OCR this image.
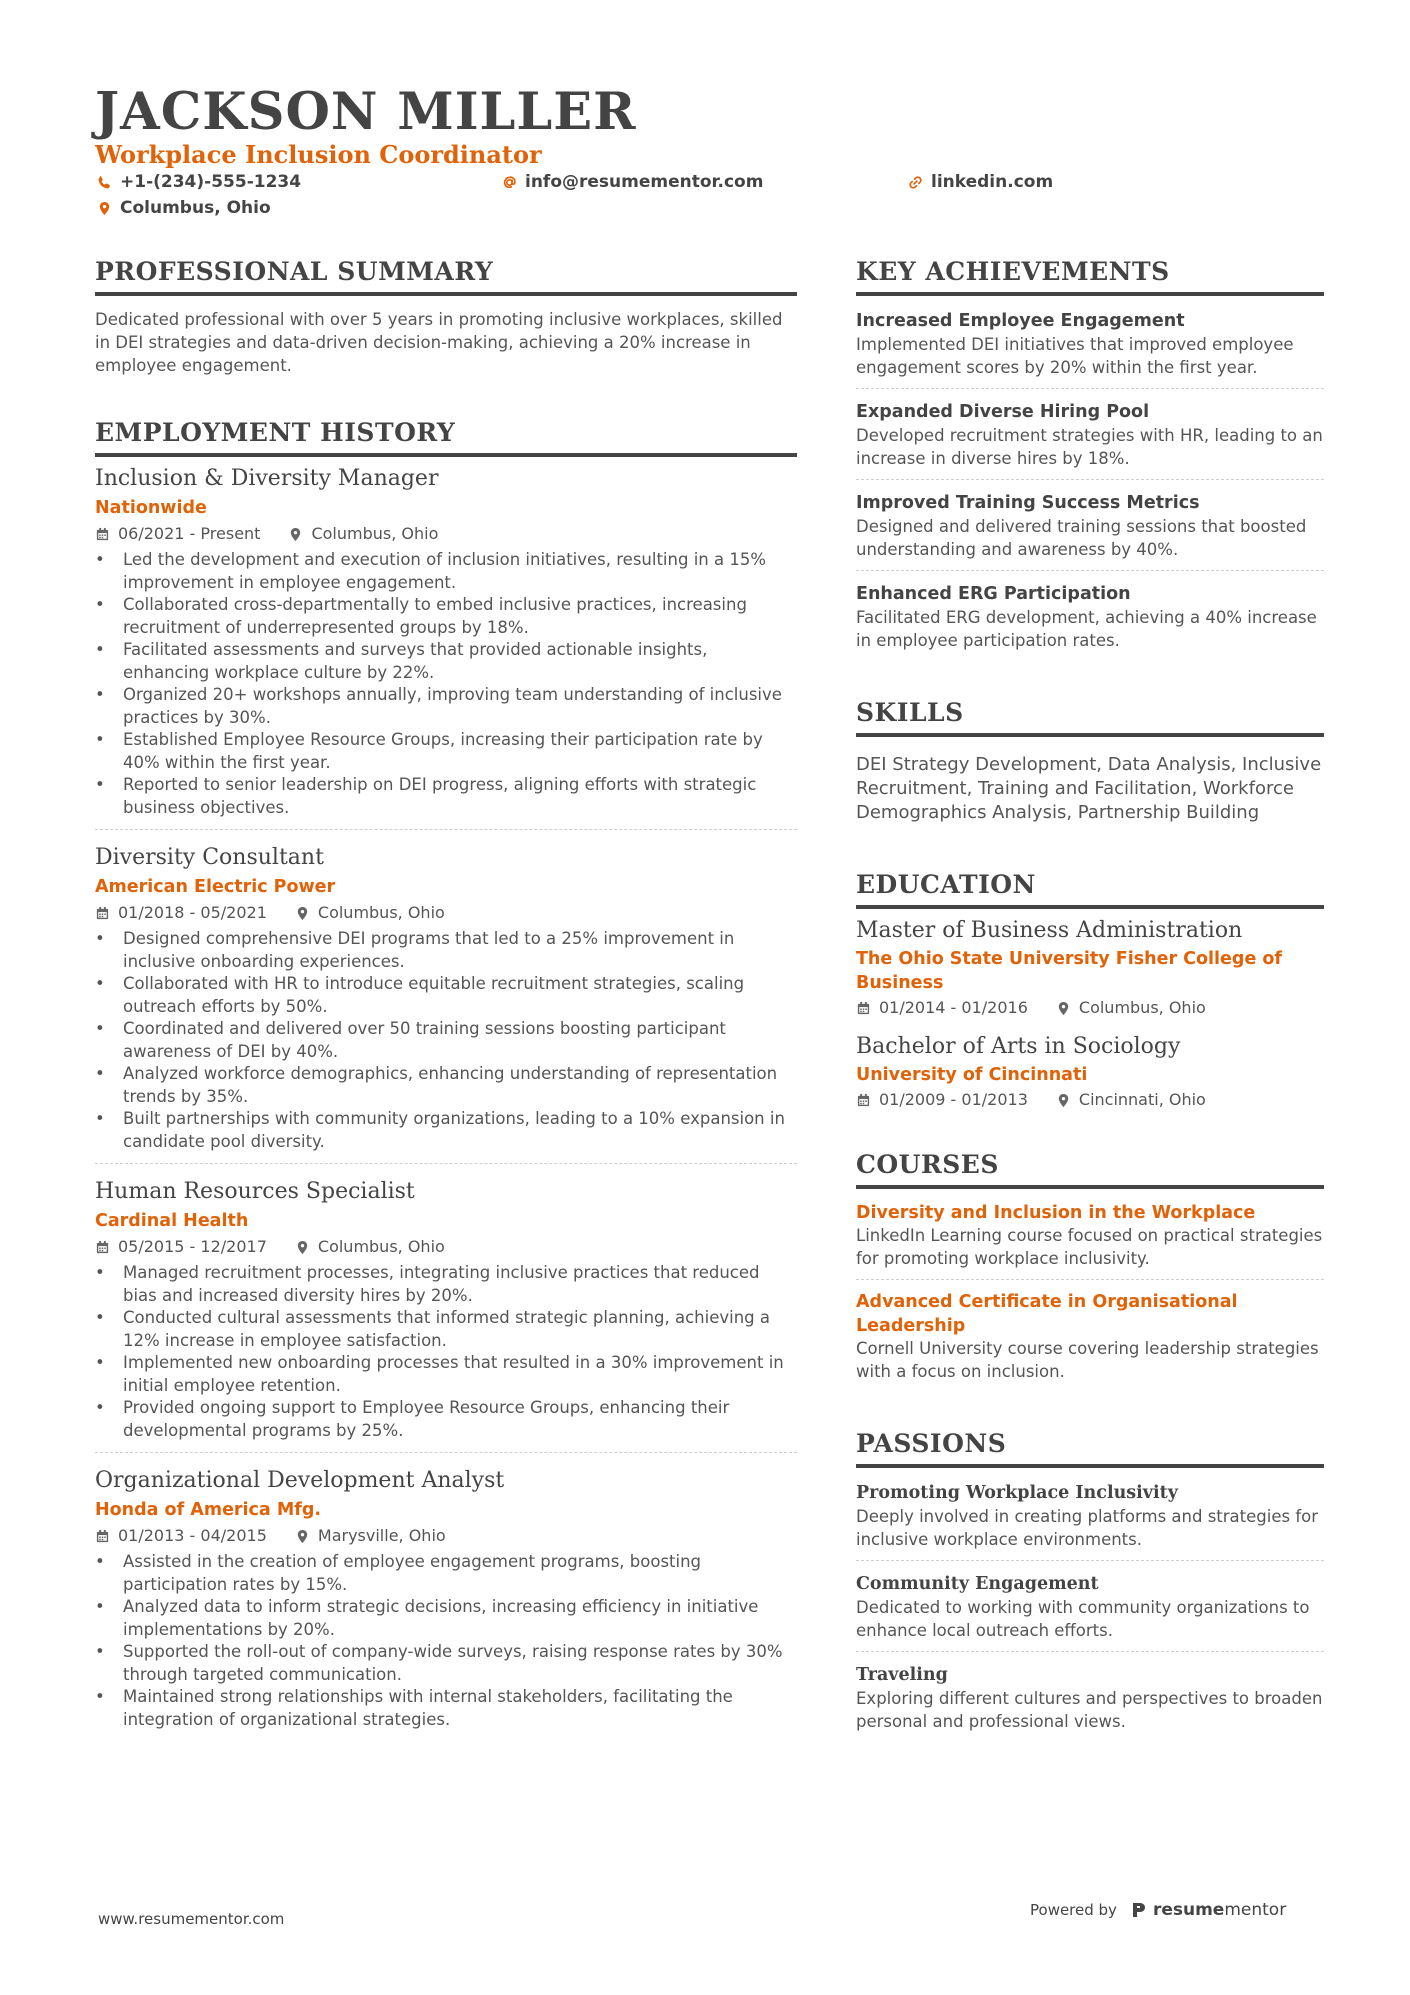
JACKSON MILLER
Workplace Inclusion Coordinator
+1-(234)-555-1234	info@resumementor.com	linkedin.com
Columbus, Ohio
PROFESSIONAL SUMMARY
Dedicated professional with over 5 years in promoting inclusive workplaces, skilled in DEI strategies and data-driven decision-making, achieving a 20% increase in employee engagement.
EMPLOYMENT HISTORY
Inclusion & Diversity Manager
Nationwide
06/2021 - Present	Columbus, Ohio
• Led the development and execution of inclusion initiatives, resulting in a 15% improvement in employee engagement.
• Collaborated cross-departmentally to embed inclusive practices, increasing recruitment of underrepresented groups by 18%.
• Facilitated assessments and surveys that provided actionable insights, enhancing workplace culture by 22%.
• Organized 20+ workshops annually, improving team understanding of inclusive practices by 30%.
• Established Employee Resource Groups, increasing their participation rate by 40% within the first year.
• Reported to senior leadership on DEI progress, aligning efforts with strategic business objectives.
Diversity Consultant
American Electric Power
01/2018 - 05/2021	Columbus, Ohio
• Designed comprehensive DEI programs that led to a 25% improvement in inclusive onboarding experiences.
• Collaborated with HR to introduce equitable recruitment strategies, scaling outreach efforts by 50%.
• Coordinated and delivered over 50 training sessions boosting participant awareness of DEI by 40%.
• Analyzed workforce demographics, enhancing understanding of representation trends by 35%.
• Built partnerships with community organizations, leading to a 10% expansion in candidate pool diversity.
Human Resources Specialist
Cardinal Health
05/2015 - 12/2017	Columbus, Ohio
• Managed recruitment processes, integrating inclusive practices that reduced bias and increased diversity hires by 20%.
• Conducted cultural assessments that informed strategic planning, achieving a 12% increase in employee satisfaction.
• Implemented new onboarding processes that resulted in a 30% improvement in initial employee retention.
• Provided ongoing support to Employee Resource Groups, enhancing their developmental programs by 25%.
Organizational Development Analyst
Honda of America Mfg.
01/2013 - 04/2015	Marysville, Ohio
• Assisted in the creation of employee engagement programs, boosting participation rates by 15%.
• Analyzed data to inform strategic decisions, increasing efficiency in initiative implementations by 20%.
• Supported the roll-out of company-wide surveys, raising response rates by 30% through targeted communication.
• Maintained strong relationships with internal stakeholders, facilitating the integration of organizational strategies.
KEY ACHIEVEMENTS
Increased Employee Engagement
Implemented DEI initiatives that improved employee engagement scores by 20% within the first year.
Expanded Diverse Hiring Pool
Developed recruitment strategies with HR, leading to an increase in diverse hires by 18%.
Improved Training Success Metrics
Designed and delivered training sessions that boosted understanding and awareness by 40%.
Enhanced ERG Participation
Facilitated ERG development, achieving a 40% increase in employee participation rates.
SKILLS
DEI Strategy Development, Data Analysis, Inclusive Recruitment, Training and Facilitation, Workforce Demographics Analysis, Partnership Building
EDUCATION
Master of Business Administration
The Ohio State University Fisher College of Business
01/2014 - 01/2016	Columbus, Ohio
Bachelor of Arts in Sociology
University of Cincinnati
01/2009 - 01/2013	Cincinnati, Ohio
COURSES
Diversity and Inclusion in the Workplace
LinkedIn Learning course focused on practical strategies for promoting workplace inclusivity.
Advanced Certificate in Organisational Leadership
Cornell University course covering leadership strategies with a focus on inclusion.
PASSIONS
Promoting Workplace Inclusivity
Deeply involved in creating platforms and strategies for inclusive workplace environments.
Community Engagement
Dedicated to working with community organizations to enhance local outreach efforts.
Traveling
Exploring different cultures and perspectives to broaden personal and professional views.
www.resumementor.com	Powered by resumementor
